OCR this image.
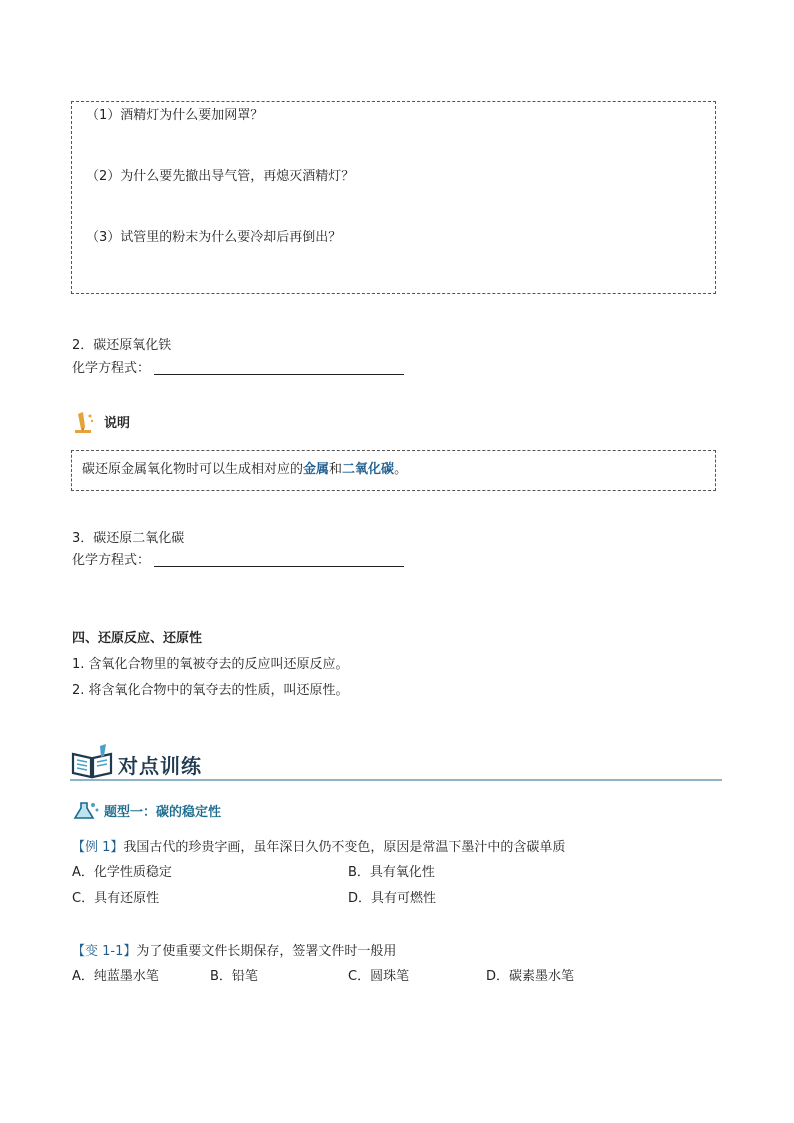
（1）酒精灯为什么要加网罩？
（2）为什么要先撤出导气管，再熄灭酒精灯？
（3）试管里的粉末为什么要冷却后再倒出？
2．碳还原氧化铁
化学方程式：
说明
碳还原金属氧化物时可以生成相对应的金属和二氧化碳。
3．碳还原二氧化碳
化学方程式：
四、还原反应、还原性
1. 含氧化合物里的氧被夺去的反应叫还原反应。
2. 将含氧化合物中的氧夺去的性质，叫还原性。
对点训练
题型一：碳的稳定性
【例 1】我国古代的珍贵字画，虽年深日久仍不变色，原因是常温下墨汁中的含碳单质
A．化学性质稳定	B．具有氧化性
C．具有还原性	D．具有可燃性
【变 1-1】为了使重要文件长期保存，签署文件时一般用
A．纯蓝墨水笔	B．铅笔	C．圆珠笔	D．碳素墨水笔
